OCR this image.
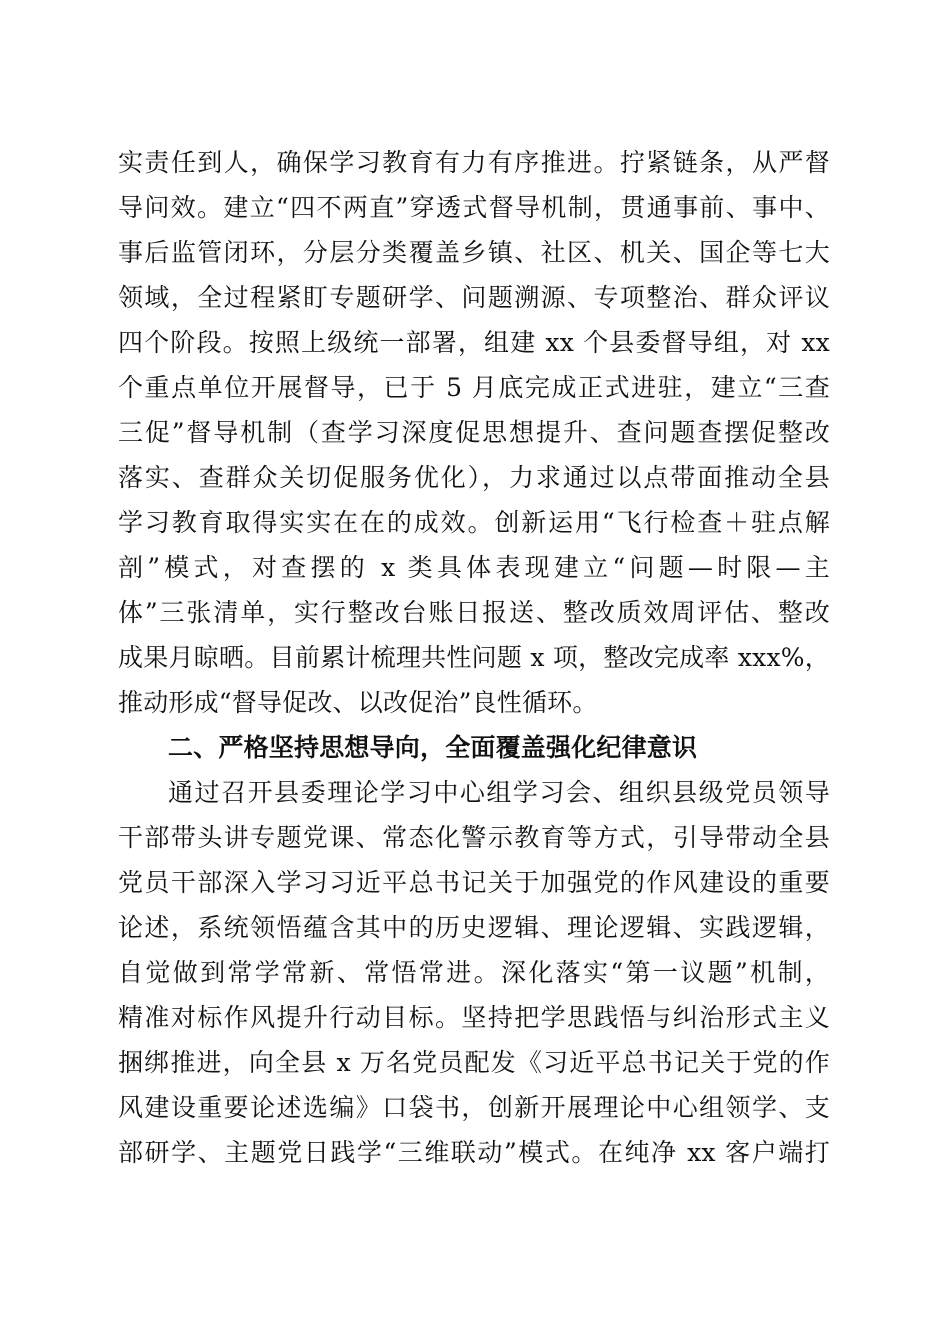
实责任到人，确保学习教育有力有序推进。拧紧链条，从严督
导问效。建立“四不两直”穿透式督导机制，贯通事前、事中、
事后监管闭环，分层分类覆盖乡镇、社区、机关、国企等七大
领域，全过程紧盯专题研学、问题溯源、专项整治、群众评议
四个阶段。按照上级统一部署，组建 xx 个县委督导组，对 xx
个重点单位开展督导，已于 5 月底完成正式进驻，建立“三查
三促”督导机制（查学习深度促思想提升、查问题查摆促整改
落实、查群众关切促服务优化），力求通过以点带面推动全县
学习教育取得实实在在的成效。创新运用“飞行检查＋驻点解
剖”模式，对查摆的 x 类具体表现建立“问题—时限—主
体”三张清单，实行整改台账日报送、整改质效周评估、整改
成果月晾晒。目前累计梳理共性问题 x 项，整改完成率 xxx%，
推动形成“督导促改、以改促治”良性循环。
二、严格坚持思想导向，全面覆盖强化纪律意识
通过召开县委理论学习中心组学习会、组织县级党员领导
干部带头讲专题党课、常态化警示教育等方式，引导带动全县
党员干部深入学习习近平总书记关于加强党的作风建设的重要
论述，系统领悟蕴含其中的历史逻辑、理论逻辑、实践逻辑，
自觉做到常学常新、常悟常进。深化落实“第一议题”机制，
精准对标作风提升行动目标。坚持把学思践悟与纠治形式主义
捆绑推进，向全县 x 万名党员配发《习近平总书记关于党的作
风建设重要论述选编》口袋书，创新开展理论中心组领学、支
部研学、主题党日践学“三维联动”模式。在纯净 xx 客户端打
